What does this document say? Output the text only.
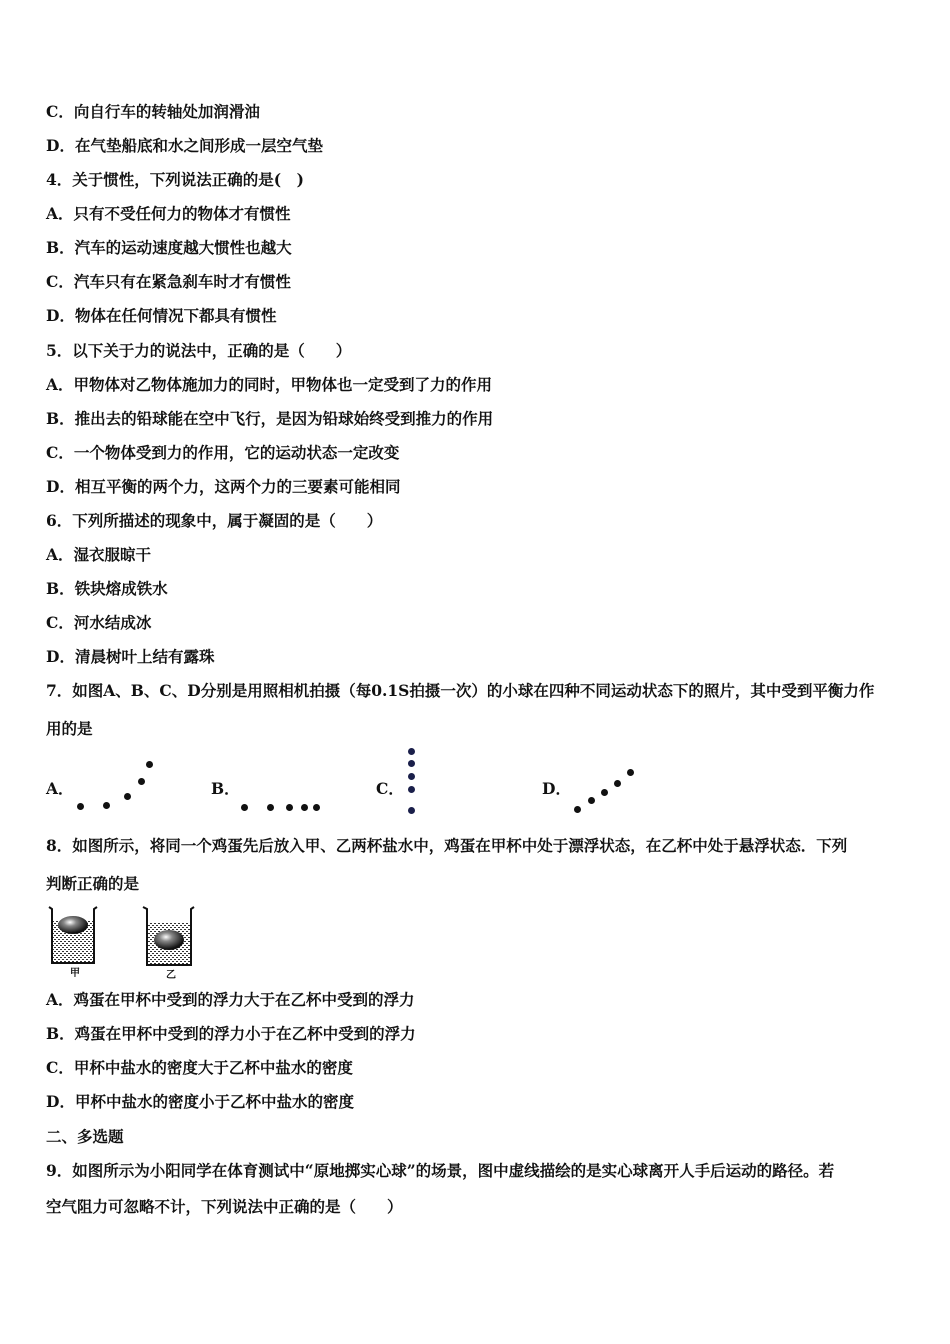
C．向自行车的转轴处加润滑油
D．在气垫船底和水之间形成一层空气垫
4．关于惯性，下列说法正确的是(　)
A．只有不受任何力的物体才有惯性
B．汽车的运动速度越大惯性也越大
C．汽车只有在紧急刹车时才有惯性
D．物体在任何情况下都具有惯性
5．以下关于力的说法中，正确的是（　　）
A．甲物体对乙物体施加力的同时，甲物体也一定受到了力的作用
B．推出去的铅球能在空中飞行，是因为铅球始终受到推力的作用
C．一个物体受到力的作用，它的运动状态一定改变
D．相互平衡的两个力，这两个力的三要素可能相同
6．下列所描述的现象中，属于凝固的是（　　）
A．湿衣服晾干
B．铁块熔成铁水
C．河水结成冰
D．清晨树叶上结有露珠
7．如图A、B、C、D分别是用照相机拍摄（每0.1S拍摄一次）的小球在四种不同运动状态下的照片，其中受到平衡力作
用的是
A．	B．	C．	D．
8．如图所示，将同一个鸡蛋先后放入甲、乙两杯盐水中，鸡蛋在甲杯中处于漂浮状态，在乙杯中处于悬浮状态．下列
判断正确的是
甲	乙
A．鸡蛋在甲杯中受到的浮力大于在乙杯中受到的浮力
B．鸡蛋在甲杯中受到的浮力小于在乙杯中受到的浮力
C．甲杯中盐水的密度大于乙杯中盐水的密度
D．甲杯中盐水的密度小于乙杯中盐水的密度
二、多选题
9．如图所示为小阳同学在体育测试中“原地掷实心球”的场景，图中虚线描绘的是实心球离开人手后运动的路径。若
空气阻力可忽略不计，下列说法中正确的是（　　）
